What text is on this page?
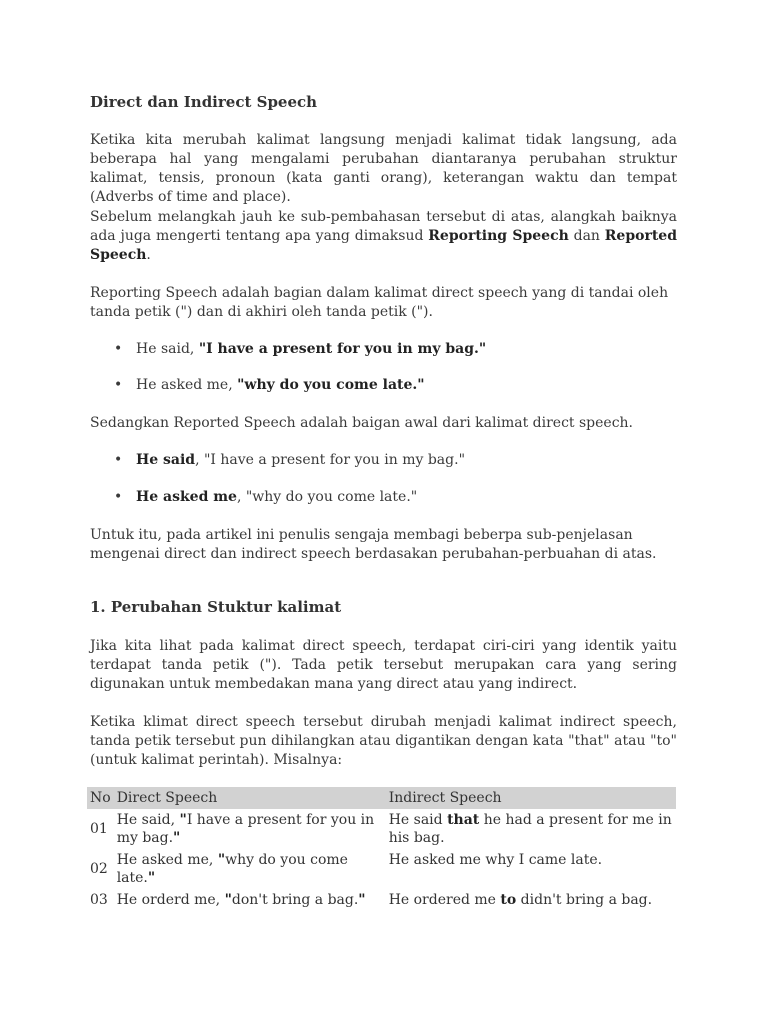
Direct dan Indirect Speech

Ketika kita merubah kalimat langsung menjadi kalimat tidak langsung, ada beberapa hal yang mengalami perubahan diantaranya perubahan struktur kalimat, tensis, pronoun (kata ganti orang), keterangan waktu dan tempat (Adverbs of time and place).

Sebelum melangkah jauh ke sub-pembahasan tersebut di atas, alangkah baiknya ada juga mengerti tentang apa yang dimaksud Reporting Speech dan Reported Speech.

Reporting Speech adalah bagian dalam kalimat direct speech yang di tandai oleh tanda petik (") dan di akhiri oleh tanda petik (").

• He said, "I have a present for you in my bag."
• He asked me, "why do you come late."

Sedangkan Reported Speech adalah baigan awal dari kalimat direct speech.

• He said, "I have a present for you in my bag."
• He asked me, "why do you come late."

Untuk itu, pada artikel ini penulis sengaja membagi beberpa sub-penjelasan mengenai direct dan indirect speech berdasakan perubahan-perbuahan di atas.

1. Perubahan Stuktur kalimat

Jika kita lihat pada kalimat direct speech, terdapat ciri-ciri yang identik yaitu terdapat tanda petik ("). Tada petik tersebut merupakan cara yang sering digunakan untuk membedakan mana yang direct atau yang indirect.

Ketika klimat direct speech tersebut dirubah menjadi kalimat indirect speech, tanda petik tersebut pun dihilangkan atau digantikan dengan kata "that" atau "to" (untuk kalimat perintah). Misalnya:

No	Direct Speech	Indirect Speech
01	He said, "I have a present for you in my bag."	He said that he had a present for me in his bag.
02	He asked me, "why do you come late."	He asked me why I came late.
03	He orderd me, "don't bring a bag."	He ordered me to didn't bring a bag.
